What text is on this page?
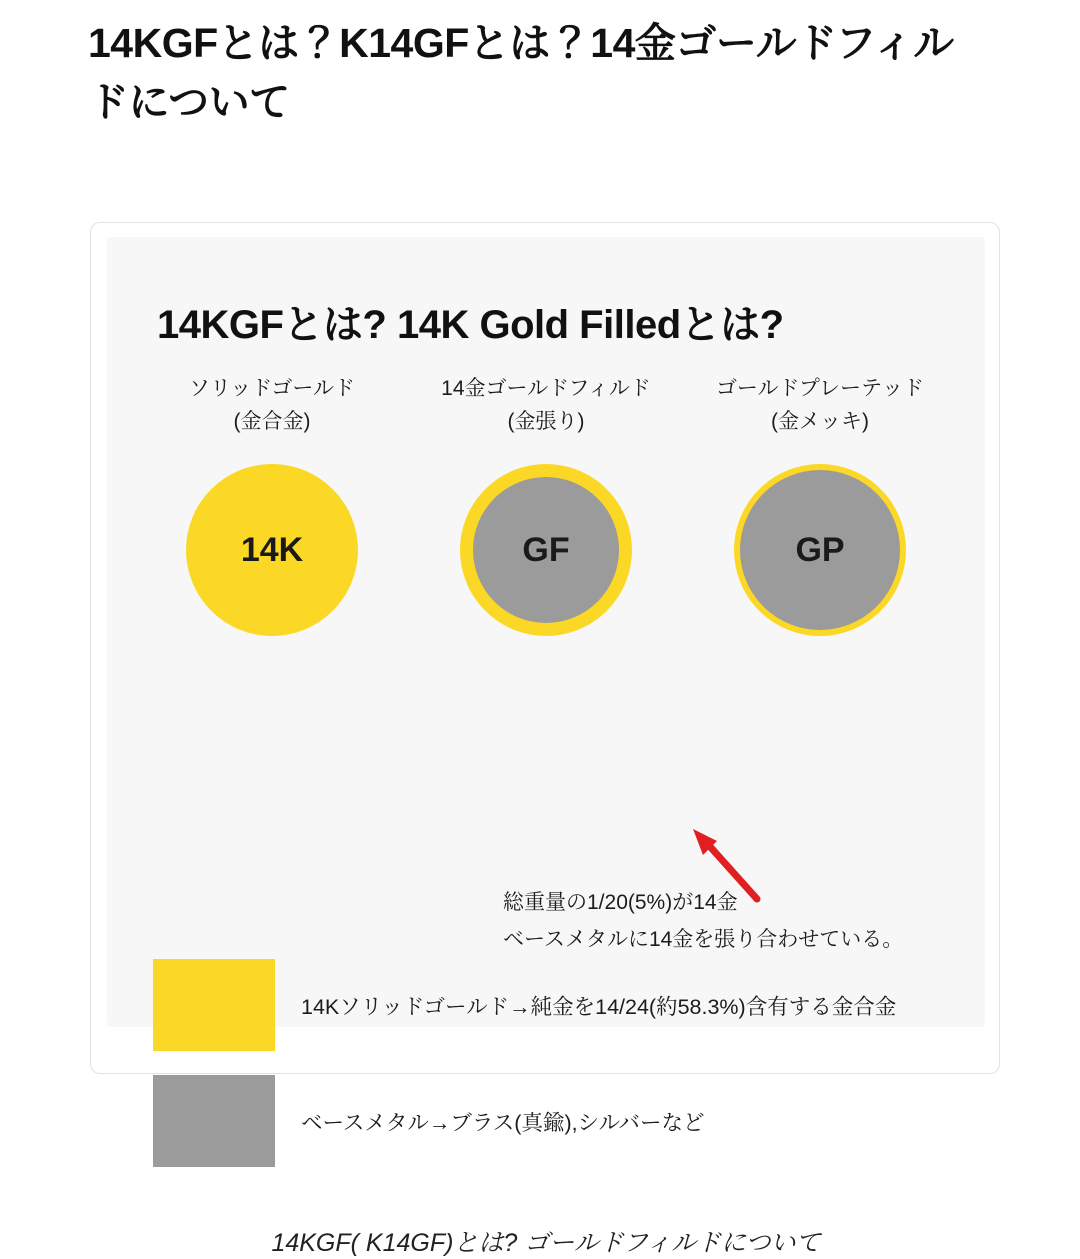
14KGFとは？K14GFとは？14金ゴールドフィルドについて
14KGFとは? 14K Gold Filledとは?
ソリッドゴールド
(金合金)
14K
14金ゴールドフィルド
(金張り)
GF
ゴールドプレーテッド
(金メッキ)
GP
総重量の1/20(5%)が14金
ベースメタルに14金を張り合わせている。
14Kソリッドゴールド→純金を14/24(約58.3%)含有する金合金
ベースメタル→ブラス(真鍮),シルバーなど
14KGF( K14GF)とは? ゴールドフィルドについて
